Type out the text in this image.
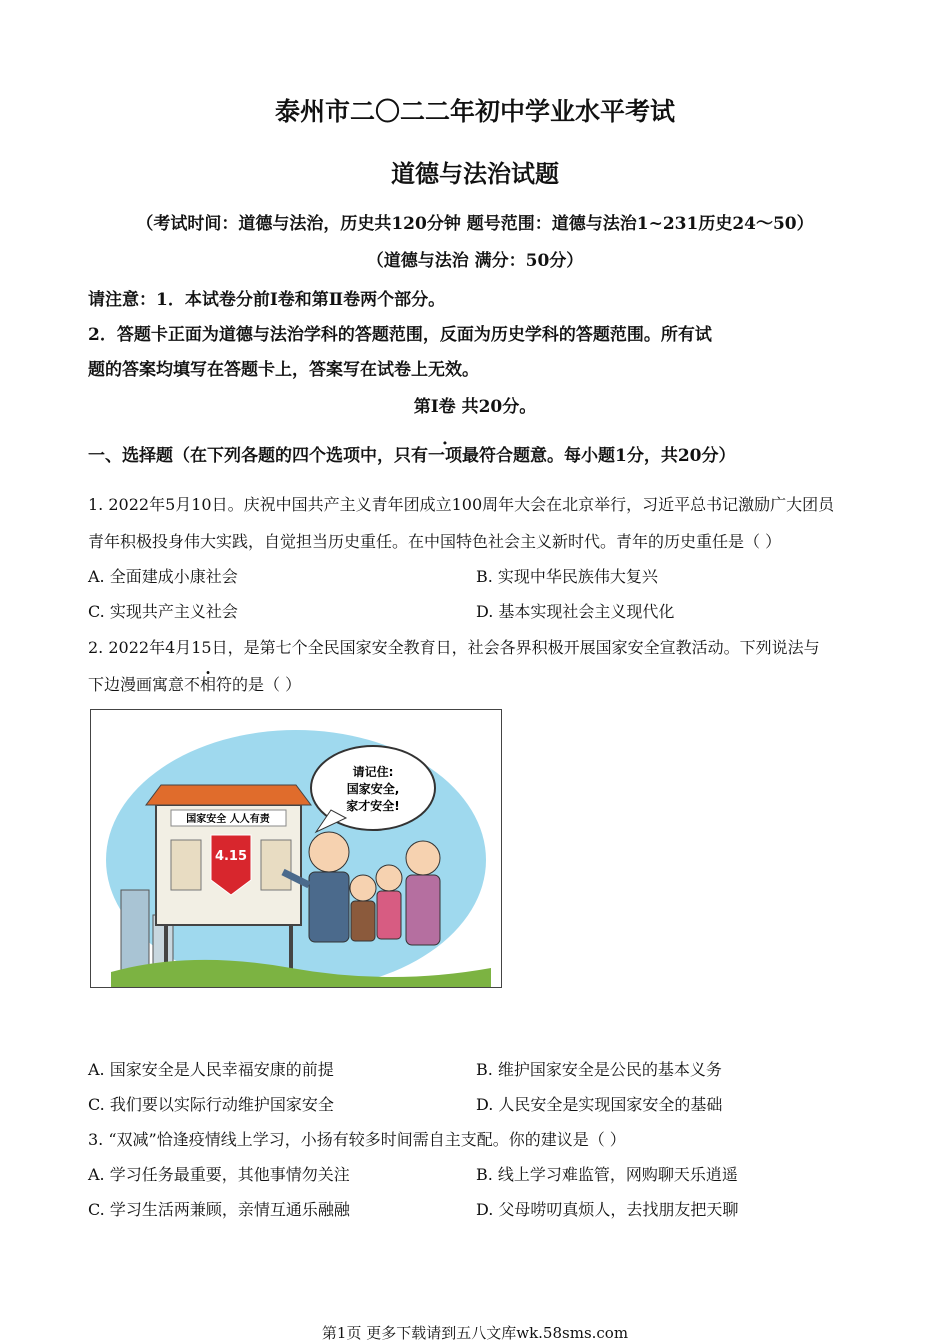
泰州市二〇二二年初中学业水平考试
道德与法治试题
（考试时间：道德与法治，历史共120分钟 题号范围：道德与法治1~231历史24～50）
（道德与法治 满分：50分）
请注意：1．本试卷分前Ⅰ卷和第Ⅱ卷两个部分。
2．答题卡正面为道德与法治学科的答题范围，反面为历史学科的答题范围。所有试
题的答案均填写在答题卡上，答案写在试卷上无效。
第Ⅰ卷 共20分。
一、选择题（在下列各题的四个选项中，只有一项最符合题意。每小题1分，共20分）
1. 2022年5月10日。庆祝中国共产主义青年团成立100周年大会在北京举行，习近平总书记激励广大团员
青年积极投身伟大实践，自觉担当历史重任。在中国特色社会主义新时代。青年的历史重任是（ ）
A. 全面建成小康社会	B. 实现中华民族伟大复兴
C. 实现共产主义社会	D. 基本实现社会主义现代化
2. 2022年4月15日，是第七个全民国家安全教育日，社会各界积极开展国家安全宣教活动。下列说法与
下边漫画寓意不相符的是（ ）
国家安全 人人有责
4.15
请记住:
国家安全,
家才安全!
A. 国家安全是人民幸福安康的前提	B. 维护国家安全是公民的基本义务
C. 我们要以实际行动维护国家安全	D. 人民安全是实现国家安全的基础
3. “双减”恰逢疫情线上学习，小扬有较多时间需自主支配。你的建议是（ ）
A. 学习任务最重要，其他事情勿关注	B. 线上学习难监管，网购聊天乐逍遥
C. 学习生活两兼顾，亲情互通乐融融	D. 父母唠叨真烦人，去找朋友把天聊
第1页 更多下载请到五八文库wk.58sms.com
